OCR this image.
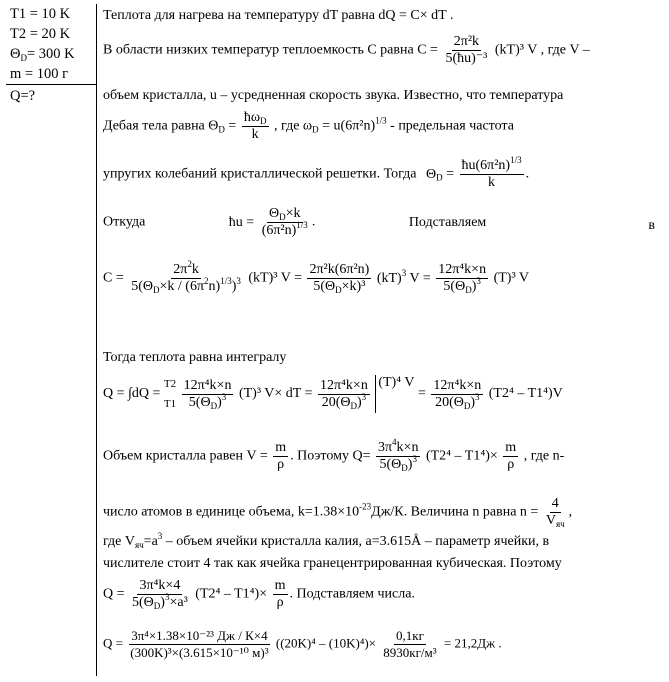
T1 = 10 K
T2 = 20 K
$\Theta_D= 300$ K
m = 100 г
Q=?
Теплота для нагрева на температуру dT равна dQ = C× dT .
В области низких температур теплоемкость С равна $C = \frac{\text{2π²k}}{\text{5(ħu)⁻³}} (kT)^3$ V , где V –
объем кристалла, u – усредненная скорость звука. Известно, что температура
Дебая тела равна $\Theta_D = \frac{ħ\omega_D}{k}$ , где $\omega_D = u(6\pi^2n)^{1/3}$ - предельная частота
упругих колебаний кристаллической решетки. Тогда $\Theta_D = \frac{ħu(6\pi^2n)^{1/3}}{k}$ .
Откуда	ħu = $\frac{\Theta_D\times k}{(6\pi^2n)^{1/3}}$ .	Подставляем	в
$C = \frac{2\pi^2k}{5(\Theta_D\times k / (6\pi^2n)^{1/3})^3} (kT)^3$ $V = \frac{\text{2π²k(6π²n)}}{5(\Theta_D\times k)^3} (kT)^3$ $V = \frac{\text{12π⁴k×n}}{5(\Theta_D)^3} (T)^3$ V
Тогда теплота равна интегралу
Q = ∫dQ =
T2
T1
$\frac{\text{12π⁴k×n}}{5(\Theta_D)^3} (T)^3$ V× dT = $\frac{\text{12π⁴k×n}}{20(\Theta_D)^3} (T)^4$ $V = \frac{\text{12π⁴k×n}}{20(\Theta_D)^3} (T2^4 - T1^4)V$
Объем кристалла равен $V = \frac{m}{\rho}$ . Поэтому $Q= \frac{3\pi^4k\times n}{5(\Theta_D)^3} (T2^4 - T1^4)\times \frac{m}{\rho}$ , где n-
число атомов в единице объема, $k=1.38\times 10^{-23}Дж/К$. Величина n равна $n = \frac{4}{V_{яч}}$ ,
где $V_{яч}=a^3$ – объем ячейки кристалла калия, a=3.615Å – параметр ячейки, в
числителе стоит 4 так как ячейка гранецентрированная кубическая. Поэтому
$Q = \frac{\text{3π⁴k×4}}{5(\Theta_D)^3\times a^3} (T2^4 - T1^4)\times \frac{m}{\rho}$ . Подставляем числа.
$Q = \frac{\text{3π⁴×1.38×10⁻²³ Дж / К×4}}{\text{(300K)³×(3.615×10⁻¹⁰ м)³}} ((20K)^4 - (10K)^4)\times \frac{0,1кг}{\text{8930кг/м³}} = 21,2Дж$ .
